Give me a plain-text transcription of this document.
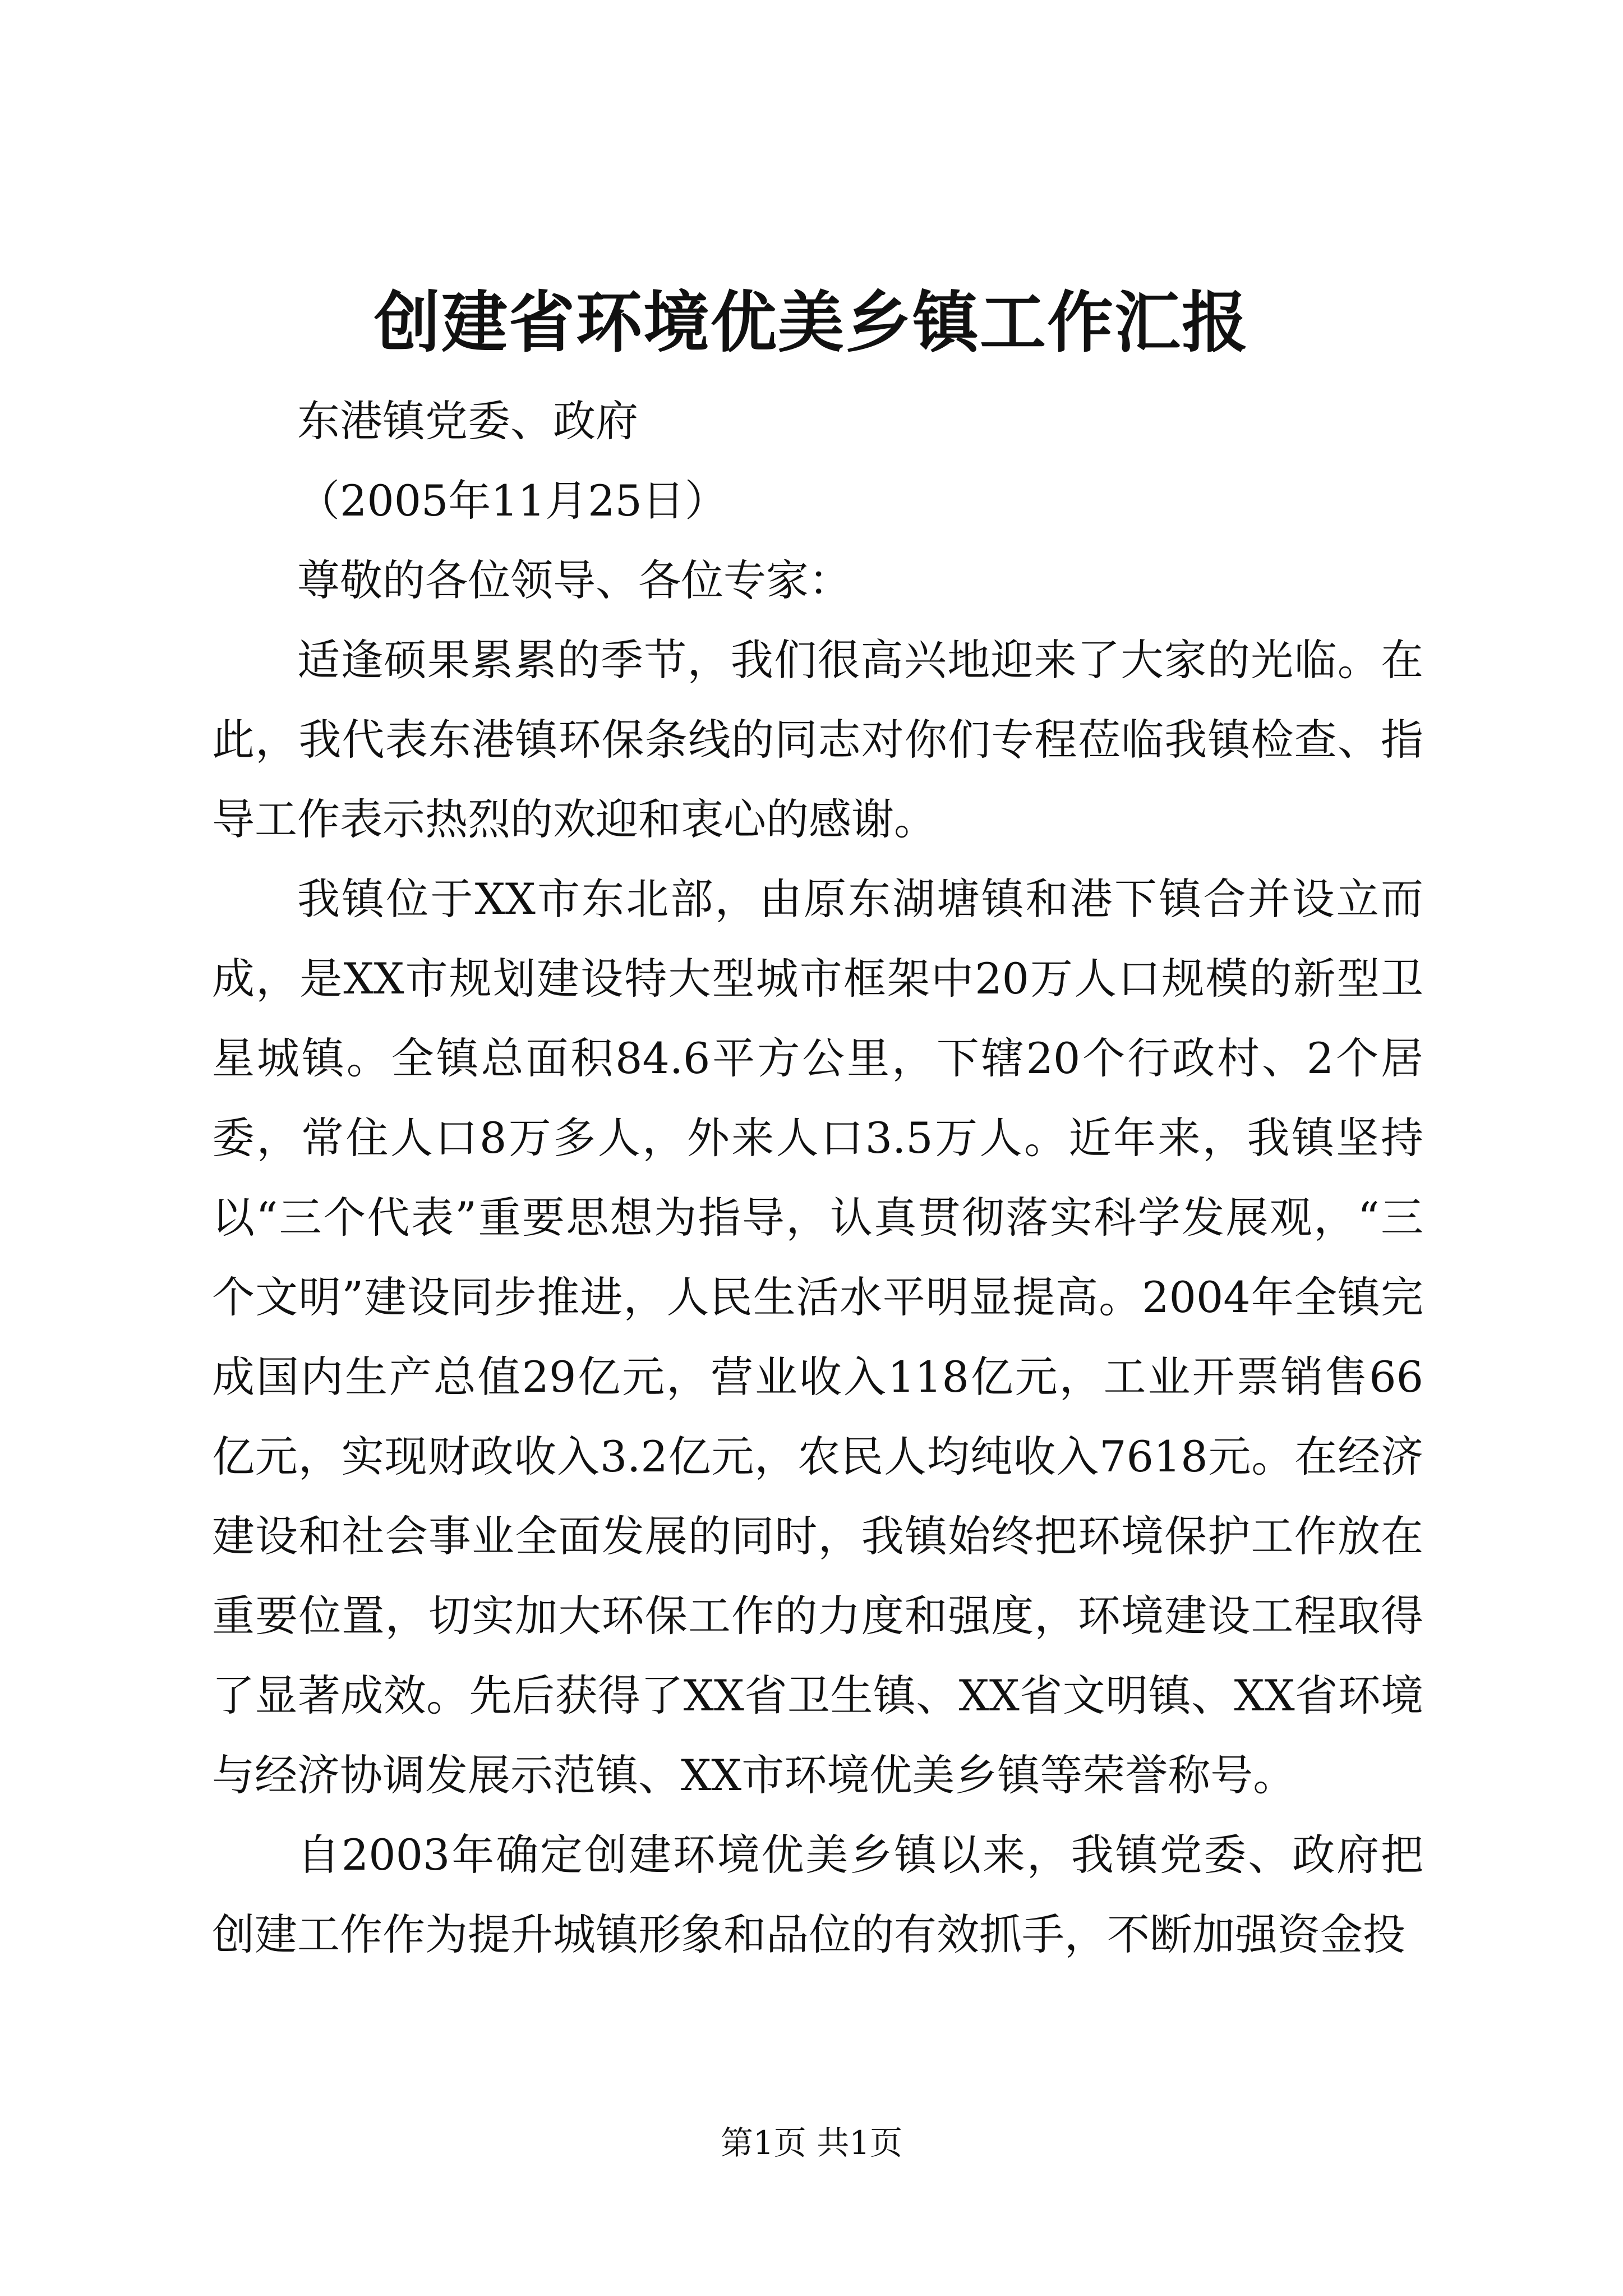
创建省环境优美乡镇工作汇报

东港镇党委、政府

（2005年11月25日）

尊敬的各位领导、各位专家：

适逢硕果累累的季节，我们很高兴地迎来了大家的光临。在此，我代表东港镇环保条线的同志对你们专程莅临我镇检查、指导工作表示热烈的欢迎和衷心的感谢。

我镇位于XX市东北部，由原东湖塘镇和港下镇合并设立而成，是XX市规划建设特大型城市框架中20万人口规模的新型卫星城镇。全镇总面积84.6平方公里，下辖20个行政村、2个居委，常住人口8万多人，外来人口3.5万人。近年来，我镇坚持以“三个代表”重要思想为指导，认真贯彻落实科学发展观，“三个文明”建设同步推进，人民生活水平明显提高。2004年全镇完成国内生产总值29亿元，营业收入118亿元，工业开票销售66亿元，实现财政收入3.2亿元，农民人均纯收入7618元。在经济建设和社会事业全面发展的同时，我镇始终把环境保护工作放在重要位置，切实加大环保工作的力度和强度，环境建设工程取得了显著成效。先后获得了XX省卫生镇、XX省文明镇、XX省环境与经济协调发展示范镇、XX市环境优美乡镇等荣誉称号。

自2003年确定创建环境优美乡镇以来，我镇党委、政府把创建工作作为提升城镇形象和品位的有效抓手，不断加强资金投

第1页 共1页
